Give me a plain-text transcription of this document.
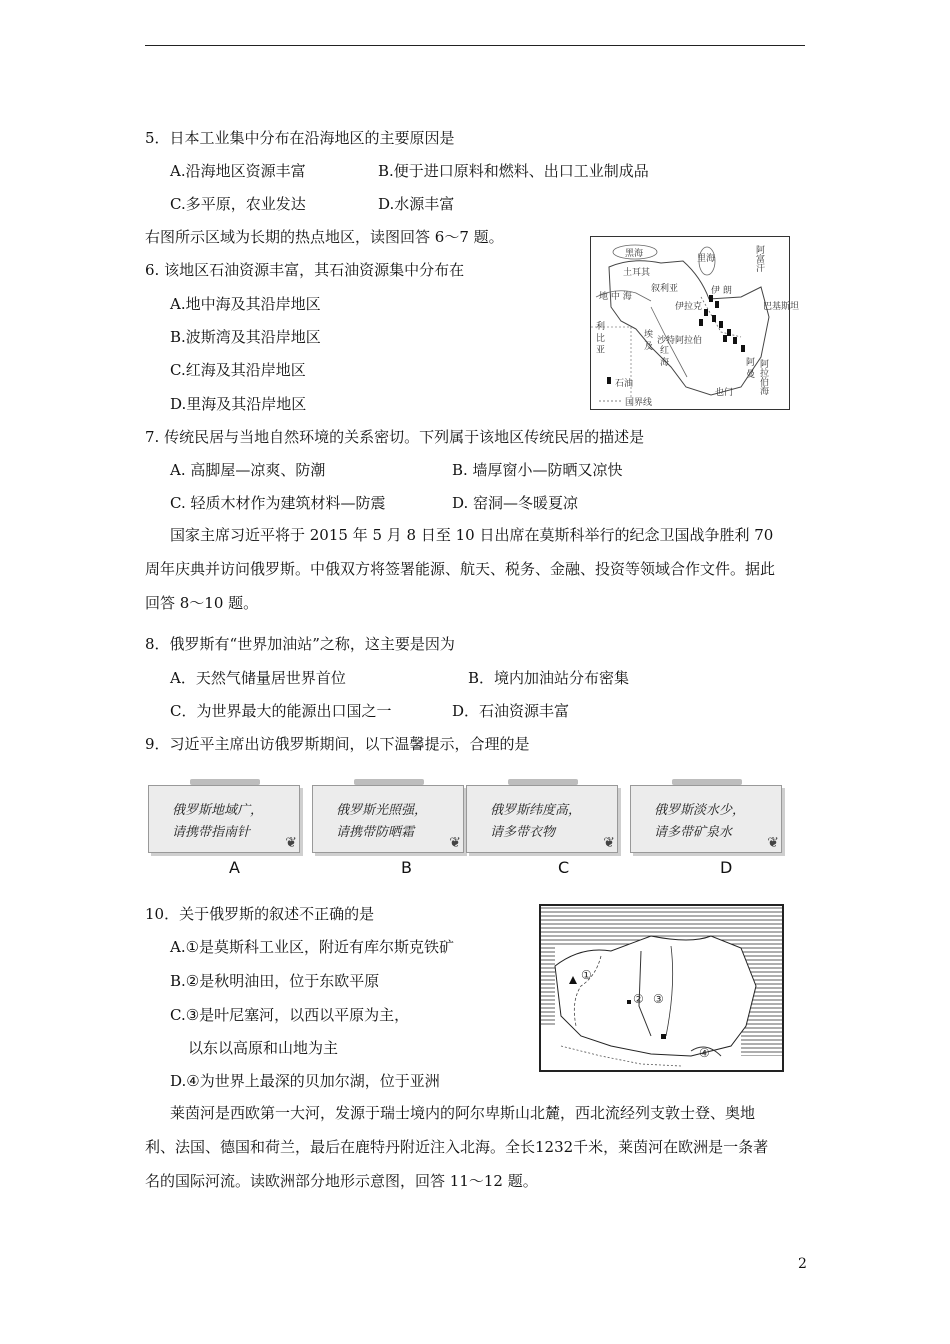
5．日本工业集中分布在沿海地区的主要原因是
A.沿海地区资源丰富	B.便于进口原料和燃料、出口工业制成品
C.多平原，农业发达	D.水源丰富
右图所示区域为长期的热点地区，读图回答 6～7 题。
6. 该地区石油资源丰富，其石油资源集中分布在
A.地中海及其沿岸地区
B.波斯湾及其沿岸地区
C.红海及其沿岸地区
D.里海及其沿岸地区
黑海	里海
土耳其
叙利亚	伊 朗
伊拉克
地 中 海
利 比 亚	埃 及 沙特阿拉伯
红 海
也门
阿 曼 阿拉伯海
阿富汗
巴基斯坦
石油
国界线
7. 传统民居与当地自然环境的关系密切。下列属于该地区传统民居的描述是
A. 高脚屋—凉爽、防潮	B. 墙厚窗小—防晒又凉快
C. 轻质木材作为建筑材料—防震	D. 窑洞—冬暖夏凉
国家主席习近平将于 2015 年 5 月 8 日至 10 日出席在莫斯科举行的纪念卫国战争胜利 70
周年庆典并访问俄罗斯。中俄双方将签署能源、航天、税务、金融、投资等领域合作文件。据此
回答 8～10 题。
8．俄罗斯有“世界加油站”之称，这主要是因为
A．天然气储量居世界首位	B．境内加油站分布密集
C．为世界最大的能源出口国之一	D．石油资源丰富
9．习近平主席出访俄罗斯期间，以下温馨提示，合理的是
俄罗斯地域广，
请携带指南针
❦
俄罗斯光照强，
请携带防晒霜
❦
俄罗斯纬度高，
请多带衣物
❦
俄罗斯淡水少，
请多带矿泉水
❦
A	B	C	D
10．关于俄罗斯的叙述不正确的是
A.①是莫斯科工业区，附近有库尔斯克铁矿
B.②是秋明油田，位于东欧平原
C.③是叶尼塞河，以西以平原为主，
以东以高原和山地为主
D.④为世界上最深的贝加尔湖，位于亚洲
①
② ③
④
莱茵河是西欧第一大河，发源于瑞士境内的阿尔卑斯山北麓，西北流经列支敦士登、奥地
利、法国、德国和荷兰，最后在鹿特丹附近注入北海。全长1232千米，莱茵河在欧洲是一条著
名的国际河流。读欧洲部分地形示意图，回答 11～12 题。
2
